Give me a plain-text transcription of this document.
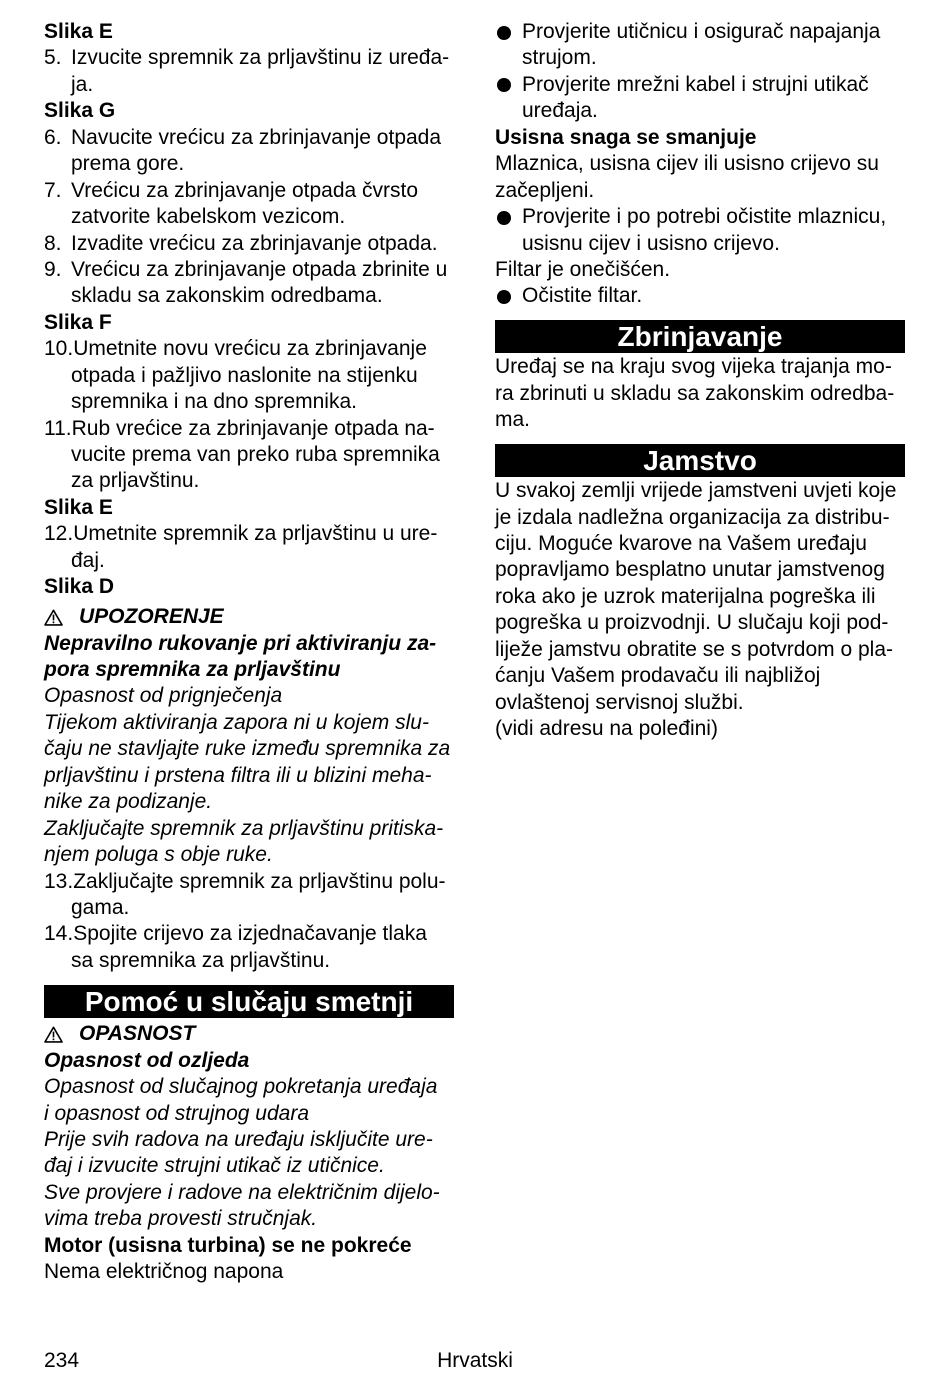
Slika E
5. Izvucite spremnik za prljavštinu iz uređa-
ja.
Slika G
6. Navucite vrećicu za zbrinjavanje otpada
prema gore.
7. Vrećicu za zbrinjavanje otpada čvrsto
zatvorite kabelskom vezicom.
8. Izvadite vrećicu za zbrinjavanje otpada.
9. Vrećicu za zbrinjavanje otpada zbrinite u
skladu sa zakonskim odredbama.
Slika F
10.Umetnite novu vrećicu za zbrinjavanje
otpada i pažljivo naslonite na stijenku
spremnika i na dno spremnika.
11.Rub vrećice za zbrinjavanje otpada na-
vucite prema van preko ruba spremnika
za prljavštinu.
Slika E
12.Umetnite spremnik za prljavštinu u ure-
đaj.
Slika D
UPOZORENJE
Nepravilno rukovanje pri aktiviranju za-
pora spremnika za prljavštinu
Opasnost od prignječenja
Tijekom aktiviranja zapora ni u kojem slu-
čaju ne stavljajte ruke između spremnika za
prljavštinu i prstena filtra ili u blizini meha-
nike za podizanje.
Zaključajte spremnik za prljavštinu pritiska-
njem poluga s obje ruke.
13.Zaključajte spremnik za prljavštinu polu-
gama.
14.Spojite crijevo za izjednačavanje tlaka
sa spremnika za prljavštinu.
Pomoć u slučaju smetnji
OPASNOST
Opasnost od ozljeda
Opasnost od slučajnog pokretanja uređaja
i opasnost od strujnog udara
Prije svih radova na uređaju isključite ure-
đaj i izvucite strujni utikač iz utičnice.
Sve provjere i radove na električnim dijelo-
vima treba provesti stručnjak.
Motor (usisna turbina) se ne pokreće
Nema električnog napona
Provjerite utičnicu i osigurač napajanja
strujom.
Provjerite mrežni kabel i strujni utikač
uređaja.
Usisna snaga se smanjuje
Mlaznica, usisna cijev ili usisno crijevo su
začepljeni.
Provjerite i po potrebi očistite mlaznicu,
usisnu cijev i usisno crijevo.
Filtar je onečišćen.
Očistite filtar.
Zbrinjavanje
Uređaj se na kraju svog vijeka trajanja mo-
ra zbrinuti u skladu sa zakonskim odredba-
ma.
Jamstvo
U svakoj zemlji vrijede jamstveni uvjeti koje
je izdala nadležna organizacija za distribu-
ciju. Moguće kvarove na Vašem uređaju
popravljamo besplatno unutar jamstvenog
roka ako je uzrok materijalna pogreška ili
pogreška u proizvodnji. U slučaju koji pod-
liježe jamstvu obratite se s potvrdom o pla-
ćanju Vašem prodavaču ili najbližoj
ovlaštenoj servisnoj službi.
(vidi adresu na poleđini)
Hrvatski
234
